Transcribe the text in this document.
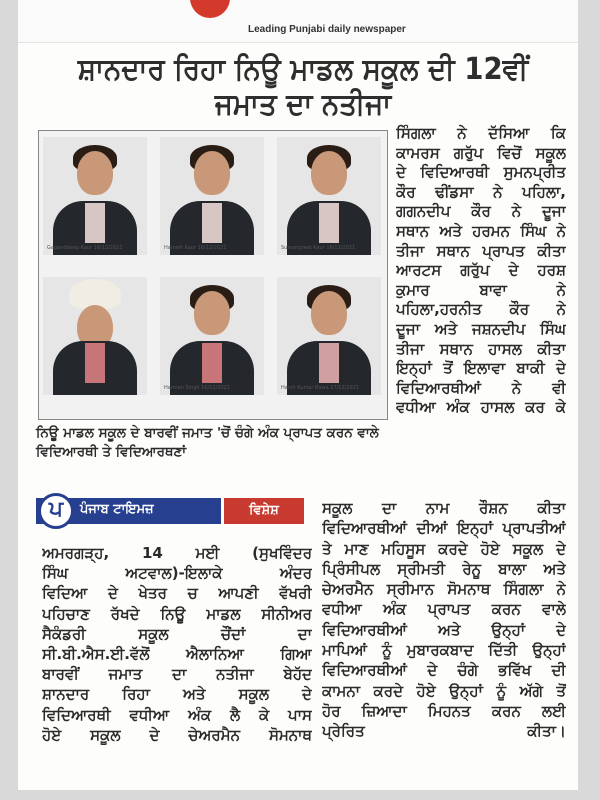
Leading Punjabi daily newspaper
ਸ਼ਾਨਦਾਰ ਰਿਹਾ ਨਿਊ ਮਾਡਲ ਸਕੂਲ ਦੀ 12ਵੀਂ ਜਮਾਤ ਦਾ ਨਤੀਜਾ
Gaganddeep Kaur 16/12/2021	Harnett Kaur 16/12/2021	Sumanpreet Kaur 16/12/2021
Harman Singh 16/12/2021	Harsh Kumar Bawa 17/12/2021
ਨਿਊ ਮਾਡਲ ਸਕੂਲ ਦੇ ਬਾਰਵੀਂ ਜਮਾਤ 'ਚੋਂ ਚੰਗੇ ਅੰਕ ਪ੍ਰਾਪਤ ਕਰਨ ਵਾਲੇ ਵਿਦਿਆਰਥੀ ਤੇ ਵਿਦਿਆਰਥਣਾਂ
ਪ	ਪੰਜਾਬ ਟਾਇਮਜ਼	ਵਿਸ਼ੇਸ਼
ਸਿੰਗਲਾ ਨੇ ਦੱਸਿਆ ਕਿ
ਕਾਮਰਸ ਗਰੁੱਪ ਵਿਚੋਂ ਸਕੂਲ
ਦੇ ਵਿਦਿਆਰਥੀ ਸੁਮਨਪ੍ਰੀਤ
ਕੌਰ ਢੀਂਡਸਾ ਨੇ ਪਹਿਲਾ,
ਗਗਨਦੀਪ ਕੌਰ ਨੇ ਦੂਜਾ
ਸਥਾਨ ਅਤੇ ਹਰਮਨ ਸਿੰਘ ਨੇ
ਤੀਜਾ ਸਥਾਨ ਪ੍ਰਾਪਤ ਕੀਤਾ
ਆਰਟਸ ਗਰੁੱਪ ਦੇ ਹਰਸ਼
ਕੁਮਾਰ ਬਾਵਾ ਨੇ
ਪਹਿਲਾ,ਹਰਨੀਤ ਕੌਰ ਨੇ
ਦੂਜਾ ਅਤੇ ਜਸ਼ਨਦੀਪ ਸਿੰਘ
ਤੀਜਾ ਸਥਾਨ ਹਾਸਲ ਕੀਤਾ
ਇਨ੍ਹਾਂ ਤੋਂ ਇਲਾਵਾ ਬਾਕੀ ਦੇ
ਵਿਦਿਆਰਥੀਆਂ ਨੇ ਵੀ
ਵਧੀਆ ਅੰਕ ਹਾਸਲ ਕਰ ਕੇ
ਸਕੂਲ ਦਾ ਨਾਮ ਰੌਸ਼ਨ ਕੀਤਾ
ਵਿਦਿਆਰਥੀਆਂ ਦੀਆਂ ਇਨ੍ਹਾਂ ਪ੍ਰਾਪਤੀਆਂ
ਤੇ ਮਾਣ ਮਹਿਸੂਸ ਕਰਦੇ ਹੋਏ ਸਕੂਲ ਦੇ
ਪ੍ਰਿੰਸੀਪਲ ਸ੍ਰੀਮਤੀ ਰੇਨੂ ਬਾਲਾ ਅਤੇ
ਚੇਅਰਮੈਨ ਸ੍ਰੀਮਾਨ ਸੋਮਨਾਥ ਸਿੰਗਲਾ ਨੇ
ਵਧੀਆ ਅੰਕ ਪ੍ਰਾਪਤ ਕਰਨ ਵਾਲੇ
ਵਿਦਿਆਰਥੀਆਂ ਅਤੇ ਉਨ੍ਹਾਂ ਦੇ
ਮਾਪਿਆਂ ਨੂੰ ਮੁਬਾਰਕਬਾਦ ਦਿੱਤੀ ਉਨ੍ਹਾਂ
ਵਿਦਿਆਰਥੀਆਂ ਦੇ ਚੰਗੇ ਭਵਿੱਖ ਦੀ
ਕਾਮਨਾ ਕਰਦੇ ਹੋਏ ਉਨ੍ਹਾਂ ਨੂੰ ਅੱਗੇ ਤੋਂ
ਹੋਰ ਜ਼ਿਆਦਾ ਮਿਹਨਤ ਕਰਨ ਲਈ
ਪ੍ਰੇਰਿਤ ਕੀਤਾ।
ਅਮਰਗੜ੍ਹ, 14 ਮਈ (ਸੁਖਵਿੰਦਰ
ਸਿੰਘ ਅਟਵਾਲ)-ਇਲਾਕੇ ਅੰਦਰ
ਵਿਦਿਆ ਦੇ ਖੇਤਰ ਚ ਆਪਣੀ ਵੱਖਰੀ
ਪਹਿਚਾਣ ਰੱਖਦੇ ਨਿਊ ਮਾਡਲ ਸੀਨੀਅਰ
ਸੈਕੰਡਰੀ ਸਕੂਲ ਚੌਂਦਾਂ ਦਾ
ਸੀ.ਬੀ.ਐਸ.ਈ.ਵੱਲੋਂ ਐਲਾਨਿਆ ਗਿਆ
ਬਾਰਵੀਂ ਜਮਾਤ ਦਾ ਨਤੀਜਾ ਬੇਹੱਦ
ਸ਼ਾਨਦਾਰ ਰਿਹਾ ਅਤੇ ਸਕੂਲ ਦੇ
ਵਿਦਿਆਰਥੀ ਵਧੀਆ ਅੰਕ ਲੈ ਕੇ ਪਾਸ
ਹੋਏ ਸਕੂਲ ਦੇ ਚੇਅਰਮੈਨ ਸੋਮਨਾਥ
